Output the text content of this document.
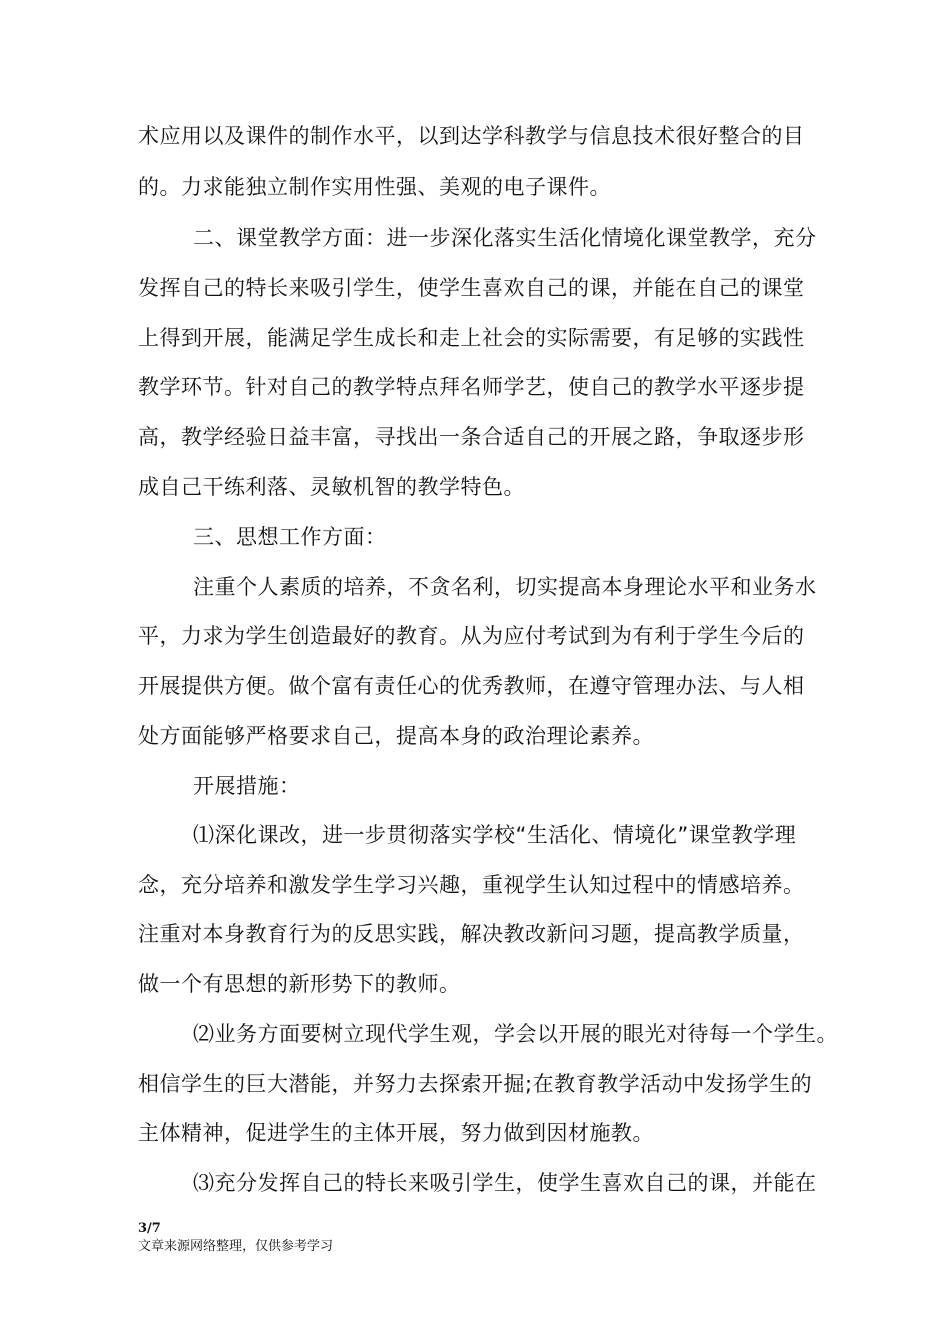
术应用以及课件的制作水平，以到达学科教学与信息技术很好整合的目
的。力求能独立制作实用性强、美观的电子课件。
二、课堂教学方面：进一步深化落实生活化情境化课堂教学，充分
发挥自己的特长来吸引学生，使学生喜欢自己的课，并能在自己的课堂
上得到开展，能满足学生成长和走上社会的实际需要，有足够的实践性
教学环节。针对自己的教学特点拜名师学艺，使自己的教学水平逐步提
高，教学经验日益丰富，寻找出一条合适自己的开展之路，争取逐步形
成自己干练利落、灵敏机智的教学特色。
三、思想工作方面：
注重个人素质的培养，不贪名利，切实提高本身理论水平和业务水
平，力求为学生创造最好的教育。从为应付考试到为有利于学生今后的
开展提供方便。做个富有责任心的优秀教师，在遵守管理办法、与人相
处方面能够严格要求自己，提高本身的政治理论素养。
开展措施：
⑴深化课改，进一步贯彻落实学校“生活化、情境化”课堂教学理
念，充分培养和激发学生学习兴趣，重视学生认知过程中的情感培养。
注重对本身教育行为的反思实践，解决教改新问习题，提高教学质量，
做一个有思想的新形势下的教师。
⑵业务方面要树立现代学生观，学会以开展的眼光对待每一个学生。
相信学生的巨大潜能，并努力去探索开掘;在教育教学活动中发扬学生的
主体精神，促进学生的主体开展，努力做到因材施教。
⑶充分发挥自己的特长来吸引学生，使学生喜欢自己的课，并能在
3/7
文章来源网络整理，仅供参考学习
